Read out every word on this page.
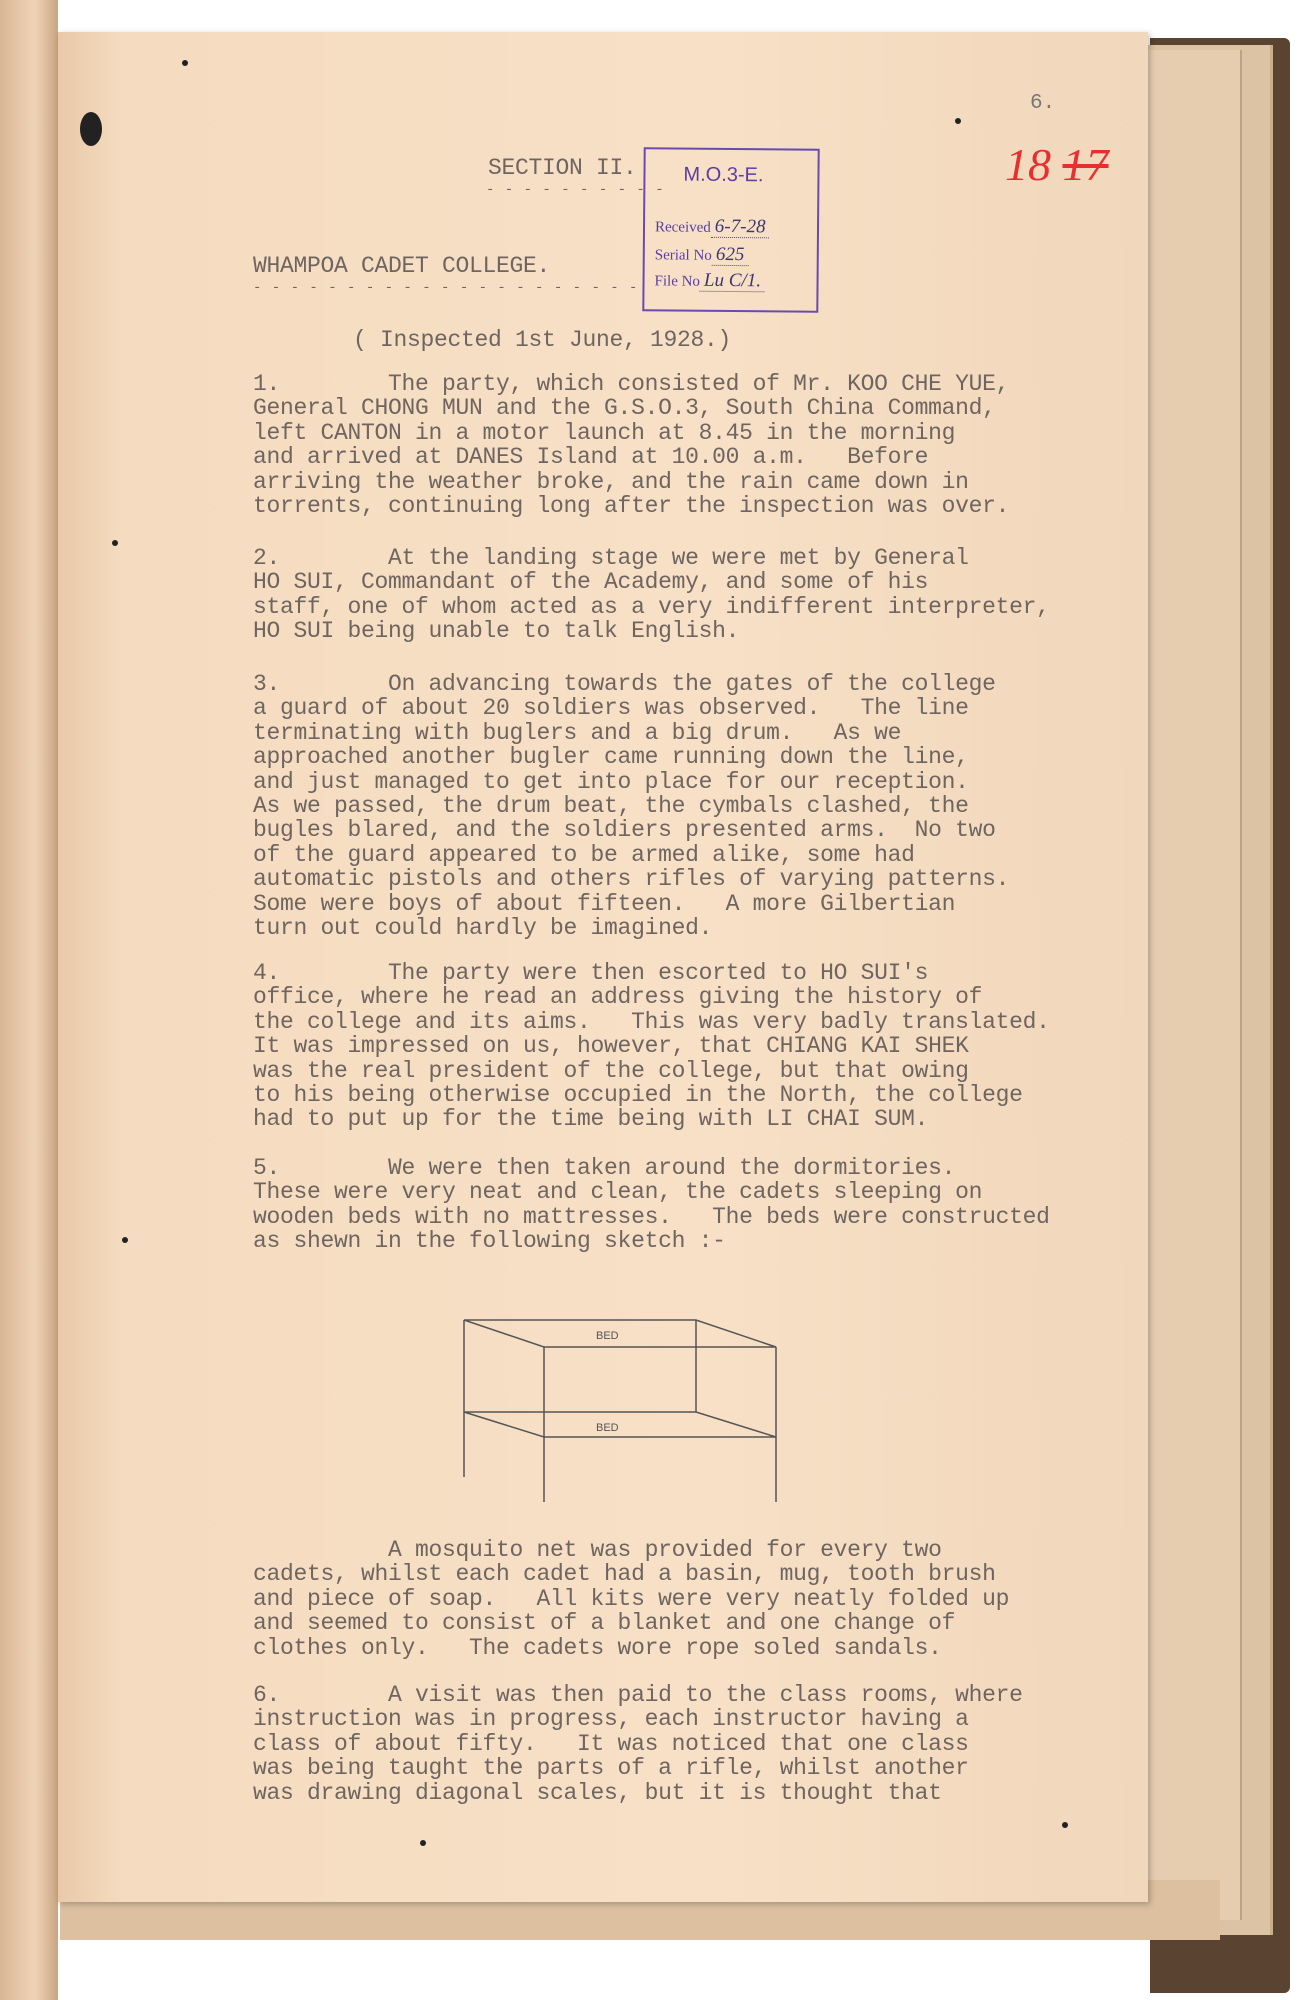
6.
18 17
SECTION II.
- - - - - - - - - -
M.O.3-E.
Received 6-7-28
Serial No 625
File No Lu C/1.
WHAMPOA CADET COLLEGE.
- - - - - - - - - - - - - - - - - - - - -
( Inspected 1st June, 1928.)
1.        The party, which consisted of Mr. KOO CHE YUE,
General CHONG MUN and the G.S.O.3, South China Command,
left CANTON in a motor launch at 8.45 in the morning
and arrived at DANES Island at 10.00 a.m.   Before
arriving the weather broke, and the rain came down in
torrents, continuing long after the inspection was over.
2.        At the landing stage we were met by General
HO SUI, Commandant of the Academy, and some of his
staff, one of whom acted as a very indifferent interpreter,
HO SUI being unable to talk English.
3.        On advancing towards the gates of the college
a guard of about 20 soldiers was observed.   The line
terminating with buglers and a big drum.   As we
approached another bugler came running down the line,
and just managed to get into place for our reception.
As we passed, the drum beat, the cymbals clashed, the
bugles blared, and the soldiers presented arms.  No two
of the guard appeared to be armed alike, some had
automatic pistols and others rifles of varying patterns.
Some were boys of about fifteen.   A more Gilbertian
turn out could hardly be imagined.
4.        The party were then escorted to HO SUI's
office, where he read an address giving the history of
the college and its aims.   This was very badly translated.
It was impressed on us, however, that CHIANG KAI SHEK
was the real president of the college, but that owing
to his being otherwise occupied in the North, the college
had to put up for the time being with LI CHAI SUM.
5.        We were then taken around the dormitories.
These were very neat and clean, the cadets sleeping on
wooden beds with no mattresses.   The beds were constructed
as shewn in the following sketch :-
A mosquito net was provided for every two
cadets, whilst each cadet had a basin, mug, tooth brush
and piece of soap.   All kits were very neatly folded up
and seemed to consist of a blanket and one change of
clothes only.   The cadets wore rope soled sandals.
6.        A visit was then paid to the class rooms, where
instruction was in progress, each instructor having a
class of about fifty.   It was noticed that one class
was being taught the parts of a rifle, whilst another
was drawing diagonal scales, but it is thought that
BED
BED
